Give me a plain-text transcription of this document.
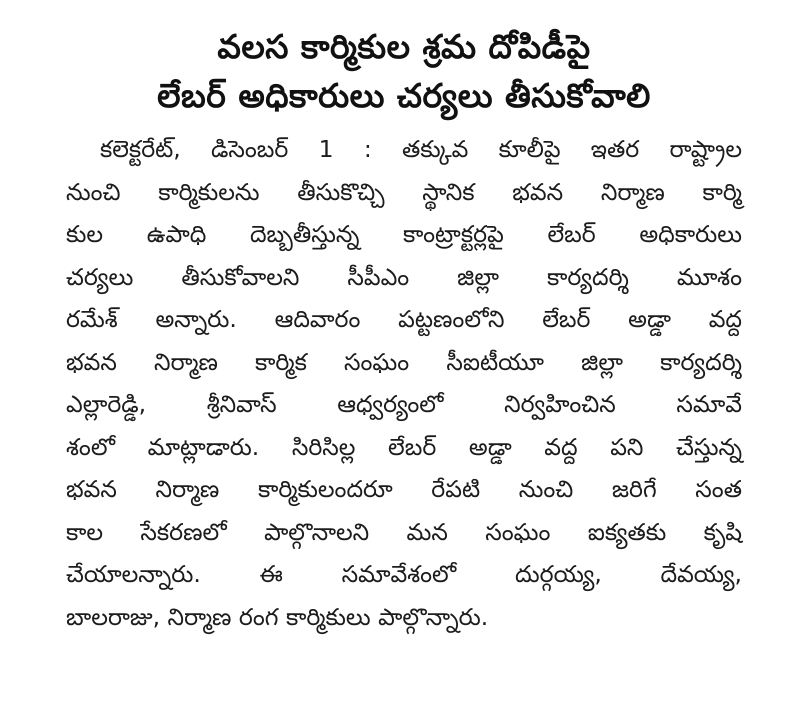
వలస కార్మికుల శ్రమ దోపిడీపై
లేబర్ అధికారులు చర్యలు తీసుకోవాలి
కలెక్టరేట్, డిసెంబర్ 1 : తక్కువ కూలీపై ఇతర రాష్ట్రాల
నుంచి కార్మికులను తీసుకొచ్చి స్థానిక భవన నిర్మాణ కార్మి
కుల ఉపాధి దెబ్బతీస్తున్న కాంట్రాక్టర్లపై లేబర్ అధికారులు
చర్యలు తీసుకోవాలని సీపీఎం జిల్లా కార్యదర్శి మూశం
రమేశ్ అన్నారు. ఆదివారం పట్టణంలోని లేబర్ అడ్డా వద్ద
భవన నిర్మాణ కార్మిక సంఘం సీఐటీయూ జిల్లా కార్యదర్శి
ఎల్లారెడ్డి, శ్రీనివాస్ ఆధ్వర్యంలో నిర్వహించిన సమావే
శంలో మాట్లాడారు. సిరిసిల్ల లేబర్ అడ్డా వద్ద పని చేస్తున్న
భవన నిర్మాణ కార్మికులందరూ రేపటి నుంచి జరిగే సంత
కాల సేకరణలో పాల్గొనాలని మన సంఘం ఐక్యతకు కృషి
చేయాలన్నారు. ఈ సమావేశంలో దుర్గయ్య, దేవయ్య,
బాలరాజు, నిర్మాణ రంగ కార్మికులు పాల్గొన్నారు.
